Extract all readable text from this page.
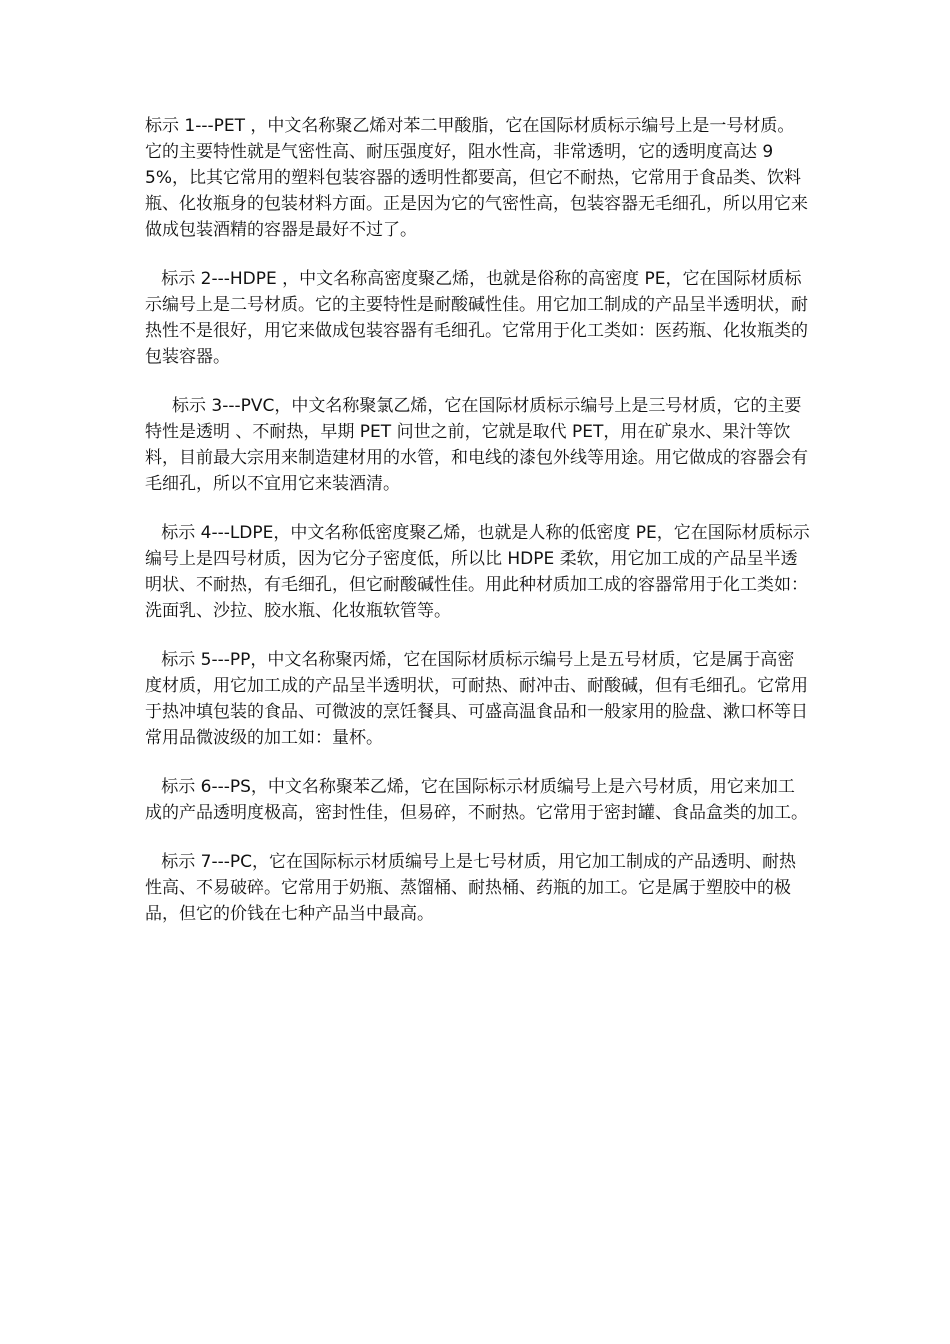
标示 1---PET ，中文名称聚乙烯对苯二甲酸脂，它在国际材质标示编号上是一号材质。它的主要特性就是气密性高、耐压强度好，阻水性高，非常透明，它的透明度高达 95%，比其它常用的塑料包装容器的透明性都要高，但它不耐热，它常用于食品类、饮料瓶、化妆瓶身的包装材料方面。正是因为它的气密性高，包装容器无毛细孔，所以用它来做成包装酒精的容器是最好不过了。

标示 2---HDPE ，中文名称高密度聚乙烯，也就是俗称的高密度 PE，它在国际材质标示编号上是二号材质。它的主要特性是耐酸碱性佳。用它加工制成的产品呈半透明状，耐热性不是很好，用它来做成包装容器有毛细孔。它常用于化工类如：医药瓶、化妆瓶类的包装容器。

标示 3---PVC，中文名称聚氯乙烯，它在国际材质标示编号上是三号材质，它的主要特性是透明 、不耐热，早期 PET 问世之前，它就是取代 PET，用在矿泉水、果汁等饮料，目前最大宗用来制造建材用的水管，和电线的漆包外线等用途。用它做成的容器会有毛细孔，所以不宜用它来装酒清。

标示 4---LDPE，中文名称低密度聚乙烯，也就是人称的低密度 PE，它在国际材质标示编号上是四号材质，因为它分子密度低，所以比 HDPE 柔软，用它加工成的产品呈半透明状、不耐热，有毛细孔，但它耐酸碱性佳。用此种材质加工成的容器常用于化工类如：洗面乳、沙拉、胶水瓶、化妆瓶软管等。

标示 5---PP，中文名称聚丙烯，它在国际材质标示编号上是五号材质，它是属于高密度材质，用它加工成的产品呈半透明状，可耐热、耐冲击、耐酸碱，但有毛细孔。它常用于热冲填包装的食品、可微波的烹饪餐具、可盛高温食品和一般家用的脸盘、漱口杯等日常用品微波级的加工如：量杯。

标示 6---PS，中文名称聚苯乙烯，它在国际标示材质编号上是六号材质，用它来加工成的产品透明度极高，密封性佳，但易碎，不耐热。它常用于密封罐、食品盒类的加工。

标示 7---PC，它在国际标示材质编号上是七号材质，用它加工制成的产品透明、耐热性高、不易破碎。它常用于奶瓶、蒸馏桶、耐热桶、药瓶的加工。它是属于塑胶中的极品，但它的价钱在七种产品当中最高。
